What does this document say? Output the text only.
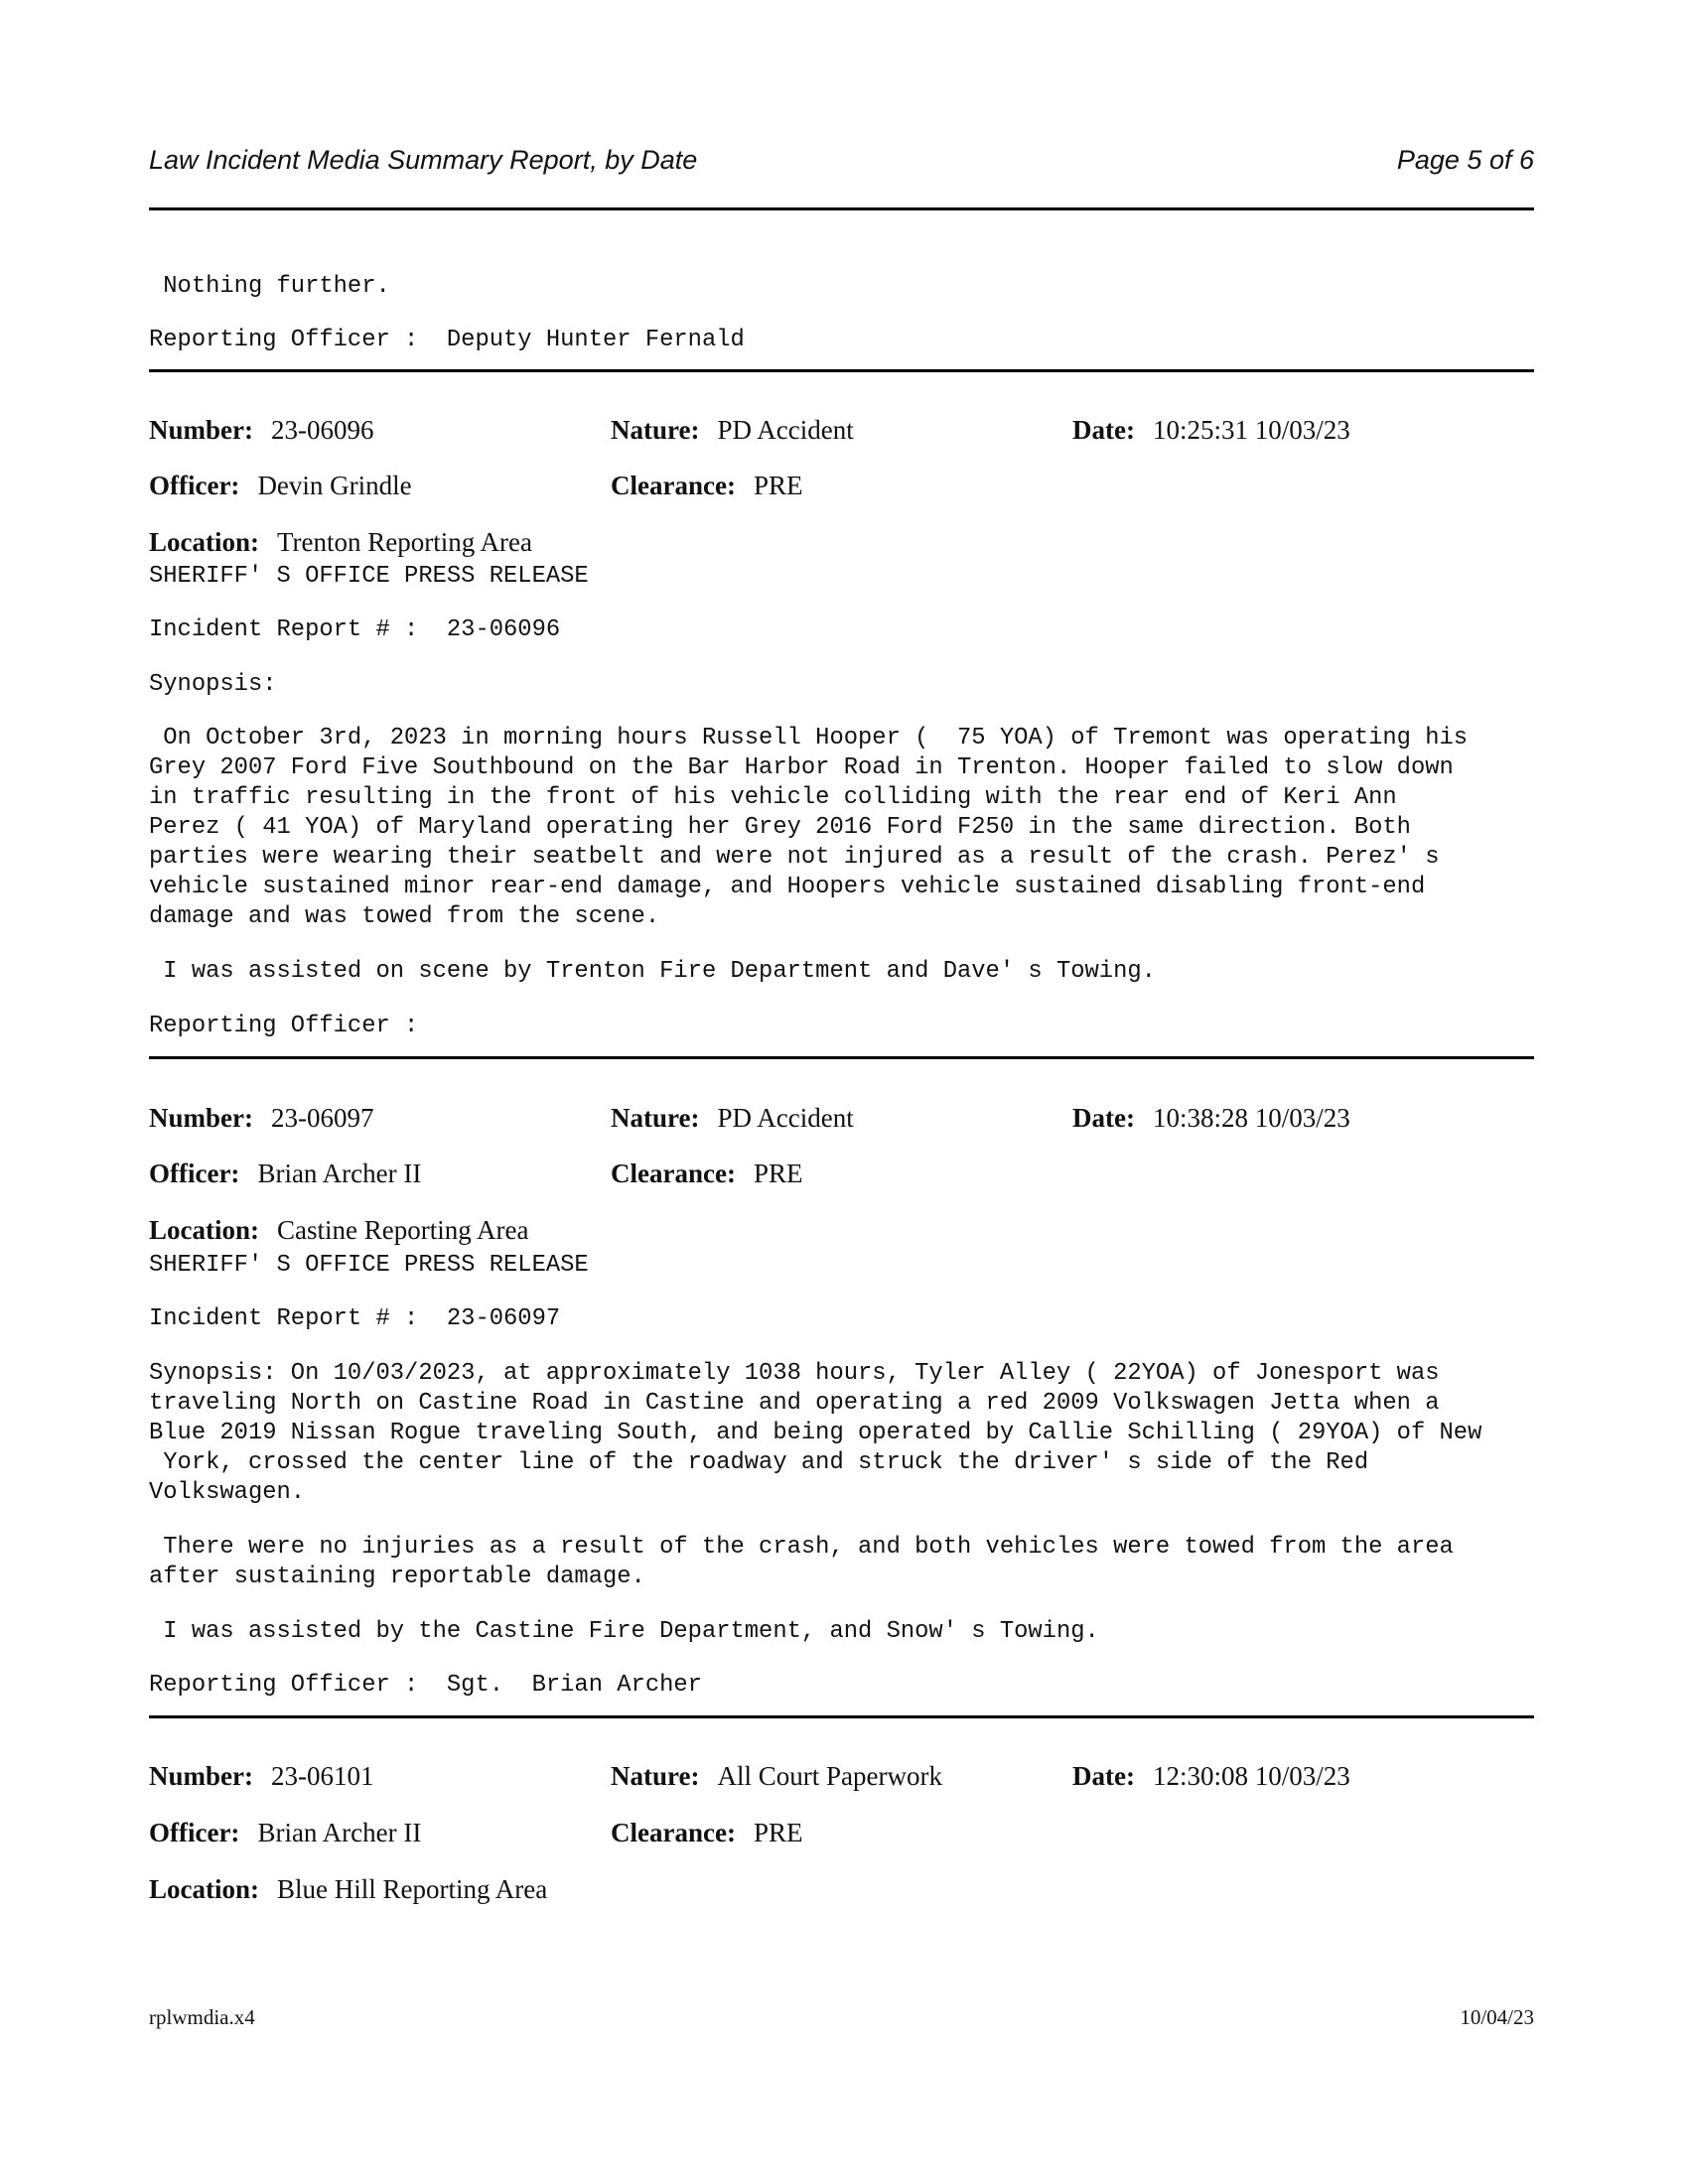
Law Incident Media Summary Report, by Date	Page 5 of 6
Nothing further.
Reporting Officer :  Deputy Hunter Fernald
Number: 23-06096	Nature: PD Accident	Date: 10:25:31 10/03/23
Officer: Devin Grindle	Clearance: PRE
Location: Trenton Reporting Area
SHERIFF' S OFFICE PRESS RELEASE
Incident Report # :  23-06096
Synopsis:
On October 3rd, 2023 in morning hours Russell Hooper (  75 YOA) of Tremont was operating his
Grey 2007 Ford Five Southbound on the Bar Harbor Road in Trenton. Hooper failed to slow down
in traffic resulting in the front of his vehicle colliding with the rear end of Keri Ann
Perez ( 41 YOA) of Maryland operating her Grey 2016 Ford F250 in the same direction. Both
parties were wearing their seatbelt and were not injured as a result of the crash. Perez' s
vehicle sustained minor rear-end damage, and Hoopers vehicle sustained disabling front-end
damage and was towed from the scene.
I was assisted on scene by Trenton Fire Department and Dave' s Towing.
Reporting Officer :
Number: 23-06097	Nature: PD Accident	Date: 10:38:28 10/03/23
Officer: Brian Archer II	Clearance: PRE
Location: Castine Reporting Area
SHERIFF' S OFFICE PRESS RELEASE
Incident Report # :  23-06097
Synopsis: On 10/03/2023, at approximately 1038 hours, Tyler Alley ( 22YOA) of Jonesport was
traveling North on Castine Road in Castine and operating a red 2009 Volkswagen Jetta when a
Blue 2019 Nissan Rogue traveling South, and being operated by Callie Schilling ( 29YOA) of New
York, crossed the center line of the roadway and struck the driver' s side of the Red
Volkswagen.
There were no injuries as a result of the crash, and both vehicles were towed from the area
after sustaining reportable damage.
I was assisted by the Castine Fire Department, and Snow' s Towing.
Reporting Officer :  Sgt.  Brian Archer
Number: 23-06101	Nature: All Court Paperwork	Date: 12:30:08 10/03/23
Officer: Brian Archer II	Clearance: PRE
Location: Blue Hill Reporting Area
rplwmdia.x4	10/04/23
